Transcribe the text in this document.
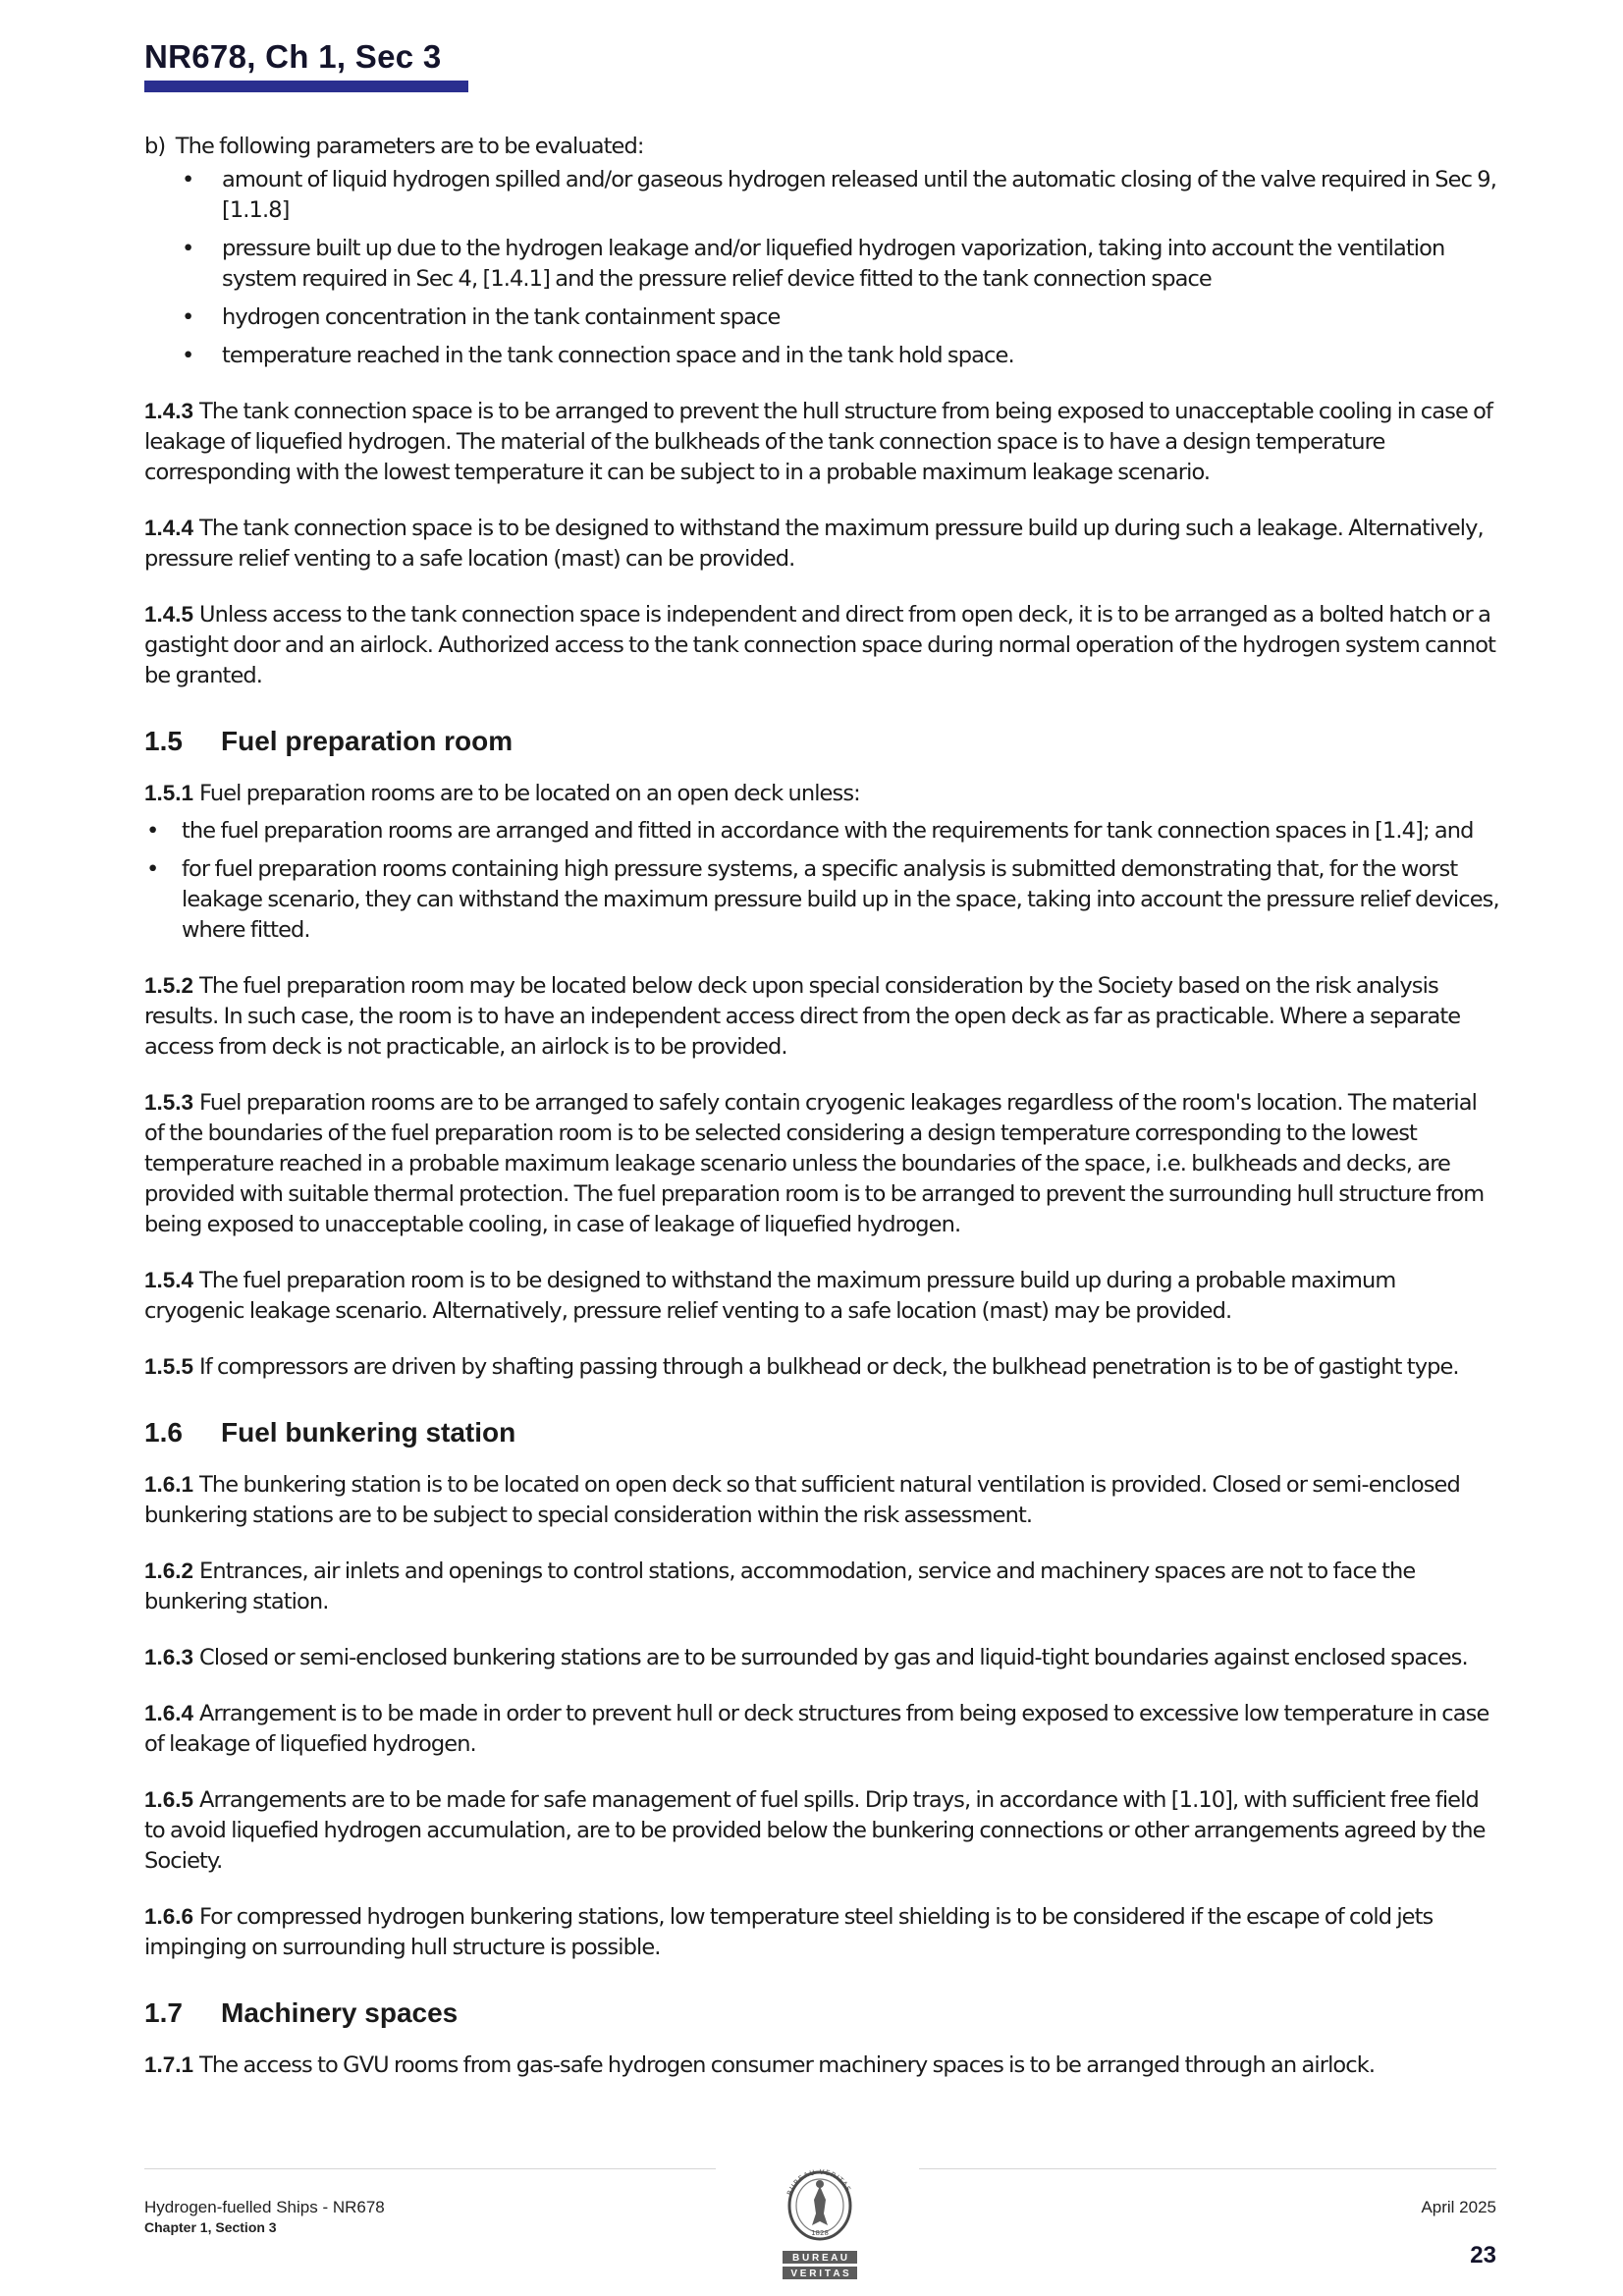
NR678, Ch 1, Sec 3

b)  The following parameters are to be evaluated:

• amount of liquid hydrogen spilled and/or gaseous hydrogen released until the automatic closing of the valve required in Sec 9, [1.1.8]
• pressure built up due to the hydrogen leakage and/or liquefied hydrogen vaporization, taking into account the ventilation system required in Sec 4, [1.4.1] and the pressure relief device fitted to the tank connection space
• hydrogen concentration in the tank containment space
• temperature reached in the tank connection space and in the tank hold space.

1.4.3 The tank connection space is to be arranged to prevent the hull structure from being exposed to unacceptable cooling in case of leakage of liquefied hydrogen. The material of the bulkheads of the tank connection space is to have a design temperature corresponding with the lowest temperature it can be subject to in a probable maximum leakage scenario.

1.4.4 The tank connection space is to be designed to withstand the maximum pressure build up during such a leakage. Alternatively, pressure relief venting to a safe location (mast) can be provided.

1.4.5 Unless access to the tank connection space is independent and direct from open deck, it is to be arranged as a bolted hatch or a gastight door and an airlock. Authorized access to the tank connection space during normal operation of the hydrogen system cannot be granted.

1.5 Fuel preparation room

1.5.1 Fuel preparation rooms are to be located on an open deck unless:

• the fuel preparation rooms are arranged and fitted in accordance with the requirements for tank connection spaces in [1.4]; and
• for fuel preparation rooms containing high pressure systems, a specific analysis is submitted demonstrating that, for the worst leakage scenario, they can withstand the maximum pressure build up in the space, taking into account the pressure relief devices, where fitted.

1.5.2 The fuel preparation room may be located below deck upon special consideration by the Society based on the risk analysis results. In such case, the room is to have an independent access direct from the open deck as far as practicable. Where a separate access from deck is not practicable, an airlock is to be provided.

1.5.3 Fuel preparation rooms are to be arranged to safely contain cryogenic leakages regardless of the room's location. The material of the boundaries of the fuel preparation room is to be selected considering a design temperature corresponding to the lowest temperature reached in a probable maximum leakage scenario unless the boundaries of the space, i.e. bulkheads and decks, are provided with suitable thermal protection. The fuel preparation room is to be arranged to prevent the surrounding hull structure from being exposed to unacceptable cooling, in case of leakage of liquefied hydrogen.

1.5.4 The fuel preparation room is to be designed to withstand the maximum pressure build up during a probable maximum cryogenic leakage scenario. Alternatively, pressure relief venting to a safe location (mast) may be provided.

1.5.5 If compressors are driven by shafting passing through a bulkhead or deck, the bulkhead penetration is to be of gastight type.

1.6 Fuel bunkering station

1.6.1 The bunkering station is to be located on open deck so that sufficient natural ventilation is provided. Closed or semi-enclosed bunkering stations are to be subject to special consideration within the risk assessment.

1.6.2 Entrances, air inlets and openings to control stations, accommodation, service and machinery spaces are not to face the bunkering station.

1.6.3 Closed or semi-enclosed bunkering stations are to be surrounded by gas and liquid-tight boundaries against enclosed spaces.

1.6.4 Arrangement is to be made in order to prevent hull or deck structures from being exposed to excessive low temperature in case of leakage of liquefied hydrogen.

1.6.5 Arrangements are to be made for safe management of fuel spills. Drip trays, in accordance with [1.10], with sufficient free field to avoid liquefied hydrogen accumulation, are to be provided below the bunkering connections or other arrangements agreed by the Society.

1.6.6 For compressed hydrogen bunkering stations, low temperature steel shielding is to be considered if the escape of cold jets impinging on surrounding hull structure is possible.

1.7 Machinery spaces

1.7.1 The access to GVU rooms from gas-safe hydrogen consumer machinery spaces is to be arranged through an airlock.

Hydrogen-fuelled Ships - NR678
Chapter 1, Section 3
BUREAU VERITAS
1828
B U R E A U
V E R I T A S
April 2025
23
